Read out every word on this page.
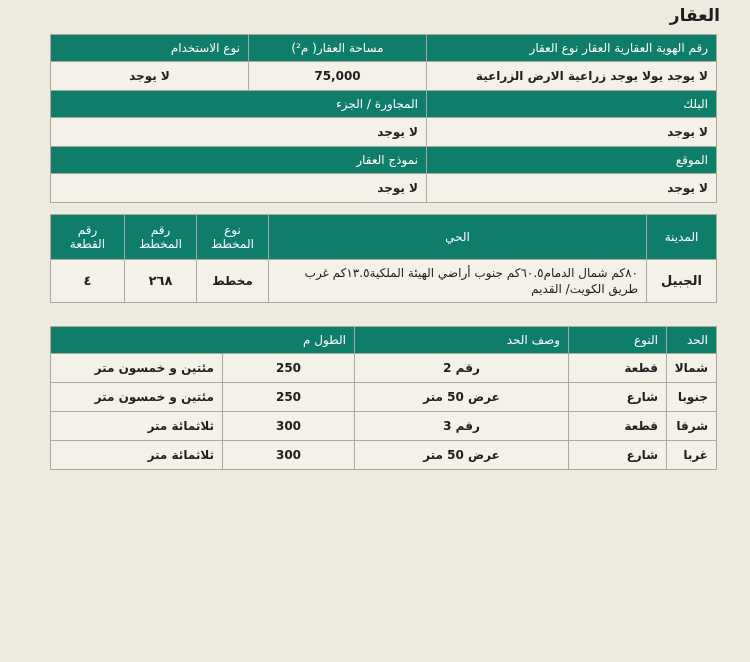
العقار
رقم الهوية العقارية العقار نوع العقار	مساحة العقار( م²)	نوع الاستخدام
لا يوجد يولا يوجد زراعية الارض الزراعية	75,000	لا يوجد
البلك	المجاورة / الجزء	
لا يوجد	لا يوجد	
الموقع	نموذج العقار	
لا يوجد	لا يوجد	
المدينة	الحي	نوع المخطط	رقم المخطط	رقم القطعة
الجبيل	٨٠كم شمال الدمام٦٠.٥كم جنوب أراضي الهيئة الملكية١٣.٥كم غرب طريق الكويت/ القديم	مخطط	٢٦٨	٤
الحد	النوع	وصف الحد	الطول م	
شمالا	قطعة	رقم 2	250	مئتين و خمسون متر
جنوبا	شارع	عرض 50 متر	250	مئتين و خمسون متر
شرقا	قطعة	رقم 3	300	ثلاثمائة متر
غربا	شارع	عرض 50 متر	300	ثلاثمائة متر
